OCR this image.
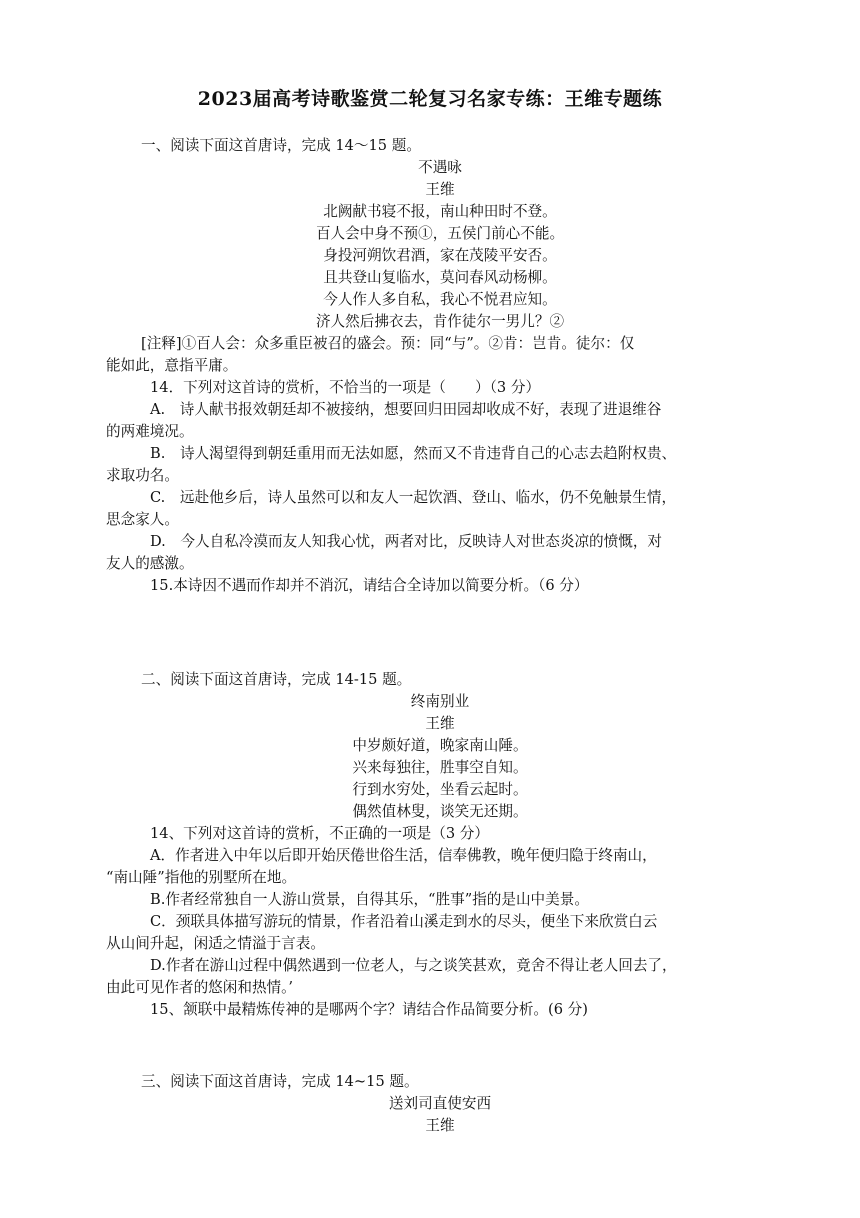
2023届高考诗歌鉴赏二轮复习名家专练：王维专题练
一、阅读下面这首唐诗，完成 14～15 题。
不遇咏
王维
北阙献书寝不报，南山种田时不登。
百人会中身不预①，五侯门前心不能。
身投河朔饮君酒，家在茂陵平安否。
且共登山复临水，莫问春风动杨柳。
今人作人多自私，我心不悦君应知。
济人然后拂衣去，肯作徒尔一男儿？②
[注释]①百人会：众多重臣被召的盛会。预：同“与”。②肯：岂肯。徒尔：仅
能如此，意指平庸。
14．下列对这首诗的赏析，不恰当的一项是（　　）（3 分）
A.　诗人献书报效朝廷却不被接纳，想要回归田园却收成不好，表现了进退维谷
的两难境况。
B.　诗人渴望得到朝廷重用而无法如愿，然而又不肯违背自己的心志去趋附权贵、
求取功名。
C.　远赴他乡后，诗人虽然可以和友人一起饮酒、登山、临水，仍不免触景生情，
思念家人。
D.　今人自私冷漠而友人知我心忧，两者对比，反映诗人对世态炎凉的愤慨，对
友人的感激。
15.本诗因不遇而作却并不消沉，请结合全诗加以简要分析。（6 分）
二、阅读下面这首唐诗，完成 14-15 题。
终南别业
王维
中岁颇好道，晚家南山陲。
兴来每独往，胜事空自知。
行到水穷处，坐看云起时。
偶然值林叟，谈笑无还期。
14、下列对这首诗的赏析，不正确的一项是（3 分）
A．作者进入中年以后即开始厌倦世俗生活，信奉佛教，晚年便归隐于终南山，
“南山陲”指他的别墅所在地。
B.作者经常独自一人游山赏景，自得其乐，“胜事”指的是山中美景。
C．颈联具体描写游玩的情景，作者沿着山溪走到水的尽头，便坐下来欣赏白云
从山间升起，闲适之情溢于言表。
D.作者在游山过程中偶然遇到一位老人，与之谈笑甚欢，竟舍不得让老人回去了，
由此可见作者的悠闲和热情。’
15、颔联中最精炼传神的是哪两个字？请结合作品简要分析。(6 分)
三、阅读下面这首唐诗，完成 14~15 题。
送刘司直使安西
王维
